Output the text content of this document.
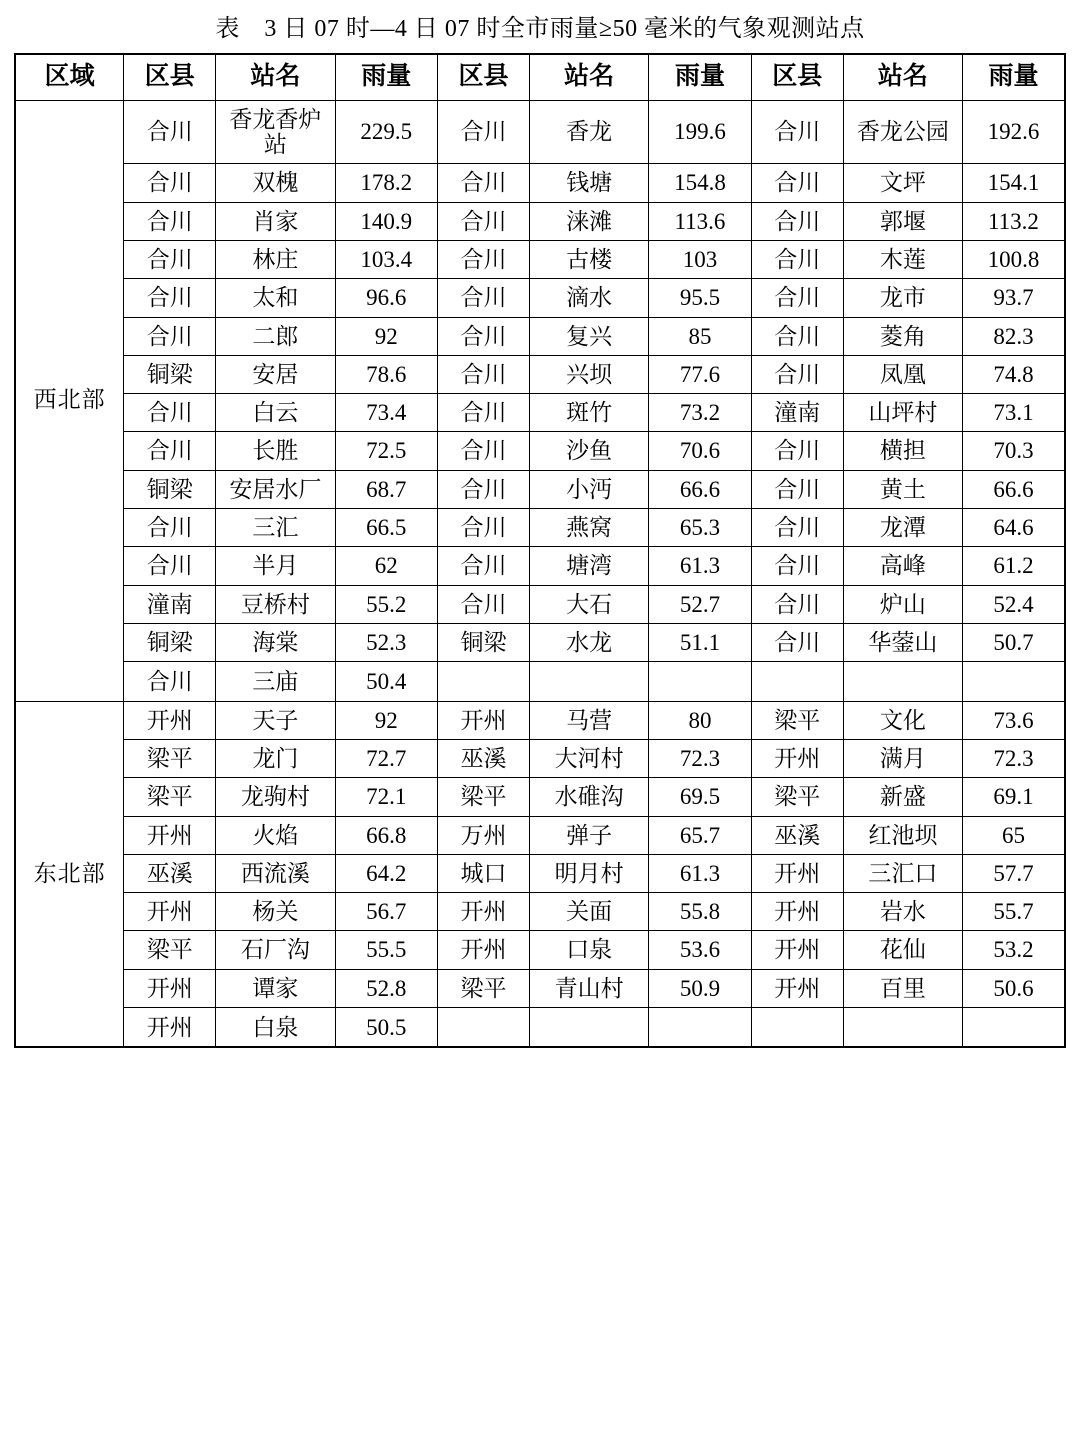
表　3 日 07 时—4 日 07 时全市雨量≥50 毫米的气象观测站点
区域	区县	站名	雨量	区县	站名	雨量	区县	站名	雨量
西北部	合川	香龙香炉站	229.5	合川	香龙	199.6	合川	香龙公园	192.6

	合川	双槐	178.2	合川	钱塘	154.8	合川	文坪	154.1

	合川	肖家	140.9	合川	涞滩	113.6	合川	郭堰	113.2

	合川	林庄	103.4	合川	古楼	103	合川	木莲	100.8

	合川	太和	96.6	合川	滴水	95.5	合川	龙市	93.7

	合川	二郎	92	合川	复兴	85	合川	菱角	82.3

	铜梁	安居	78.6	合川	兴坝	77.6	合川	凤凰	74.8

	合川	白云	73.4	合川	斑竹	73.2	潼南	山坪村	73.1

	合川	长胜	72.5	合川	沙鱼	70.6	合川	横担	70.3

	铜梁	安居水厂	68.7	合川	小沔	66.6	合川	黄土	66.6

	合川	三汇	66.5	合川	燕窝	65.3	合川	龙潭	64.6

	合川	半月	62	合川	塘湾	61.3	合川	高峰	61.2

	潼南	豆桥村	55.2	合川	大石	52.7	合川	炉山	52.4

	铜梁	海棠	52.3	铜梁	水龙	51.1	合川	华蓥山	50.7

	合川	三庙	50.4						

东北部	开州	天子	92	开州	马营	80	梁平	文化	73.6

	梁平	龙门	72.7	巫溪	大河村	72.3	开州	满月	72.3

	梁平	龙驹村	72.1	梁平	水碓沟	69.5	梁平	新盛	69.1

	开州	火焰	66.8	万州	弹子	65.7	巫溪	红池坝	65

	巫溪	西流溪	64.2	城口	明月村	61.3	开州	三汇口	57.7

	开州	杨关	56.7	开州	关面	55.8	开州	岩水	55.7

	梁平	石厂沟	55.5	开州	口泉	53.6	开州	花仙	53.2

	开州	谭家	52.8	梁平	青山村	50.9	开州	百里	50.6

	开州	白泉	50.5						
